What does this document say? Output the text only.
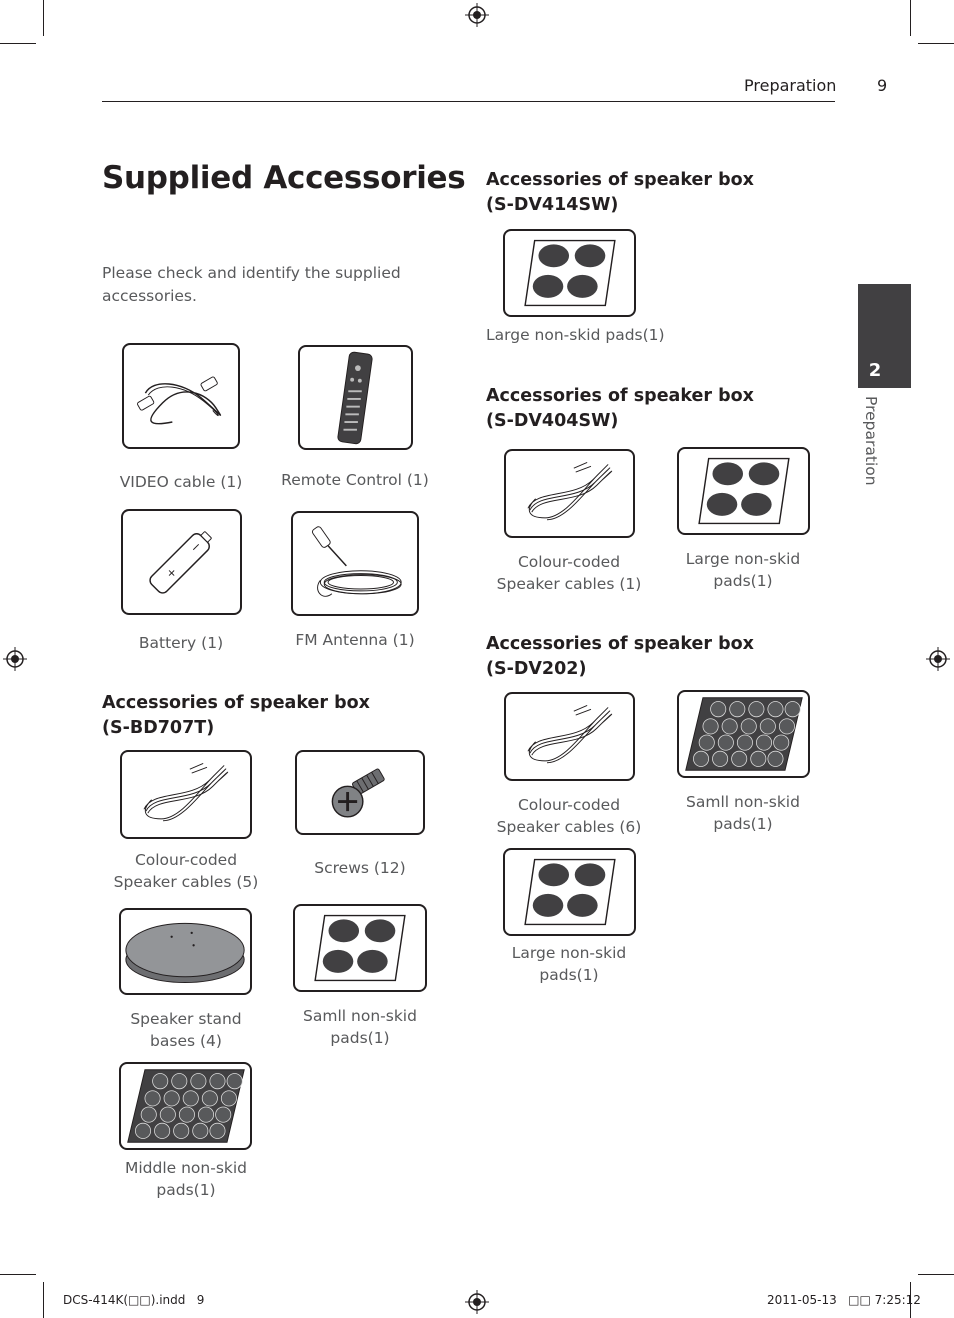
Preparation	9
2
Preparation
Supplied Accessories
Please check and identify the supplied accessories.
VIDEO cable (1)	Remote Control (1)
+
Battery (1)	FM Antenna (1)
Accessories of speaker box
(S-BD707T)
Colour-coded
Speaker cables (5)
Screws (12)
Speaker stand
bases (4)
Samll non-skid
pads(1)
Middle non-skid
pads(1)
Accessories of speaker box
(S-DV414SW)
Large non-skid pads(1)
Accessories of speaker box
(S-DV404SW)
Colour-coded
Speaker cables (1)
Large non-skid
pads(1)
Accessories of speaker box
(S-DV202)
Colour-coded
Speaker cables (6)
Samll non-skid
pads(1)
Large non-skid
pads(1)
DCS-414K(□□).indd   9	2011-05-13   □□ 7:25:12
